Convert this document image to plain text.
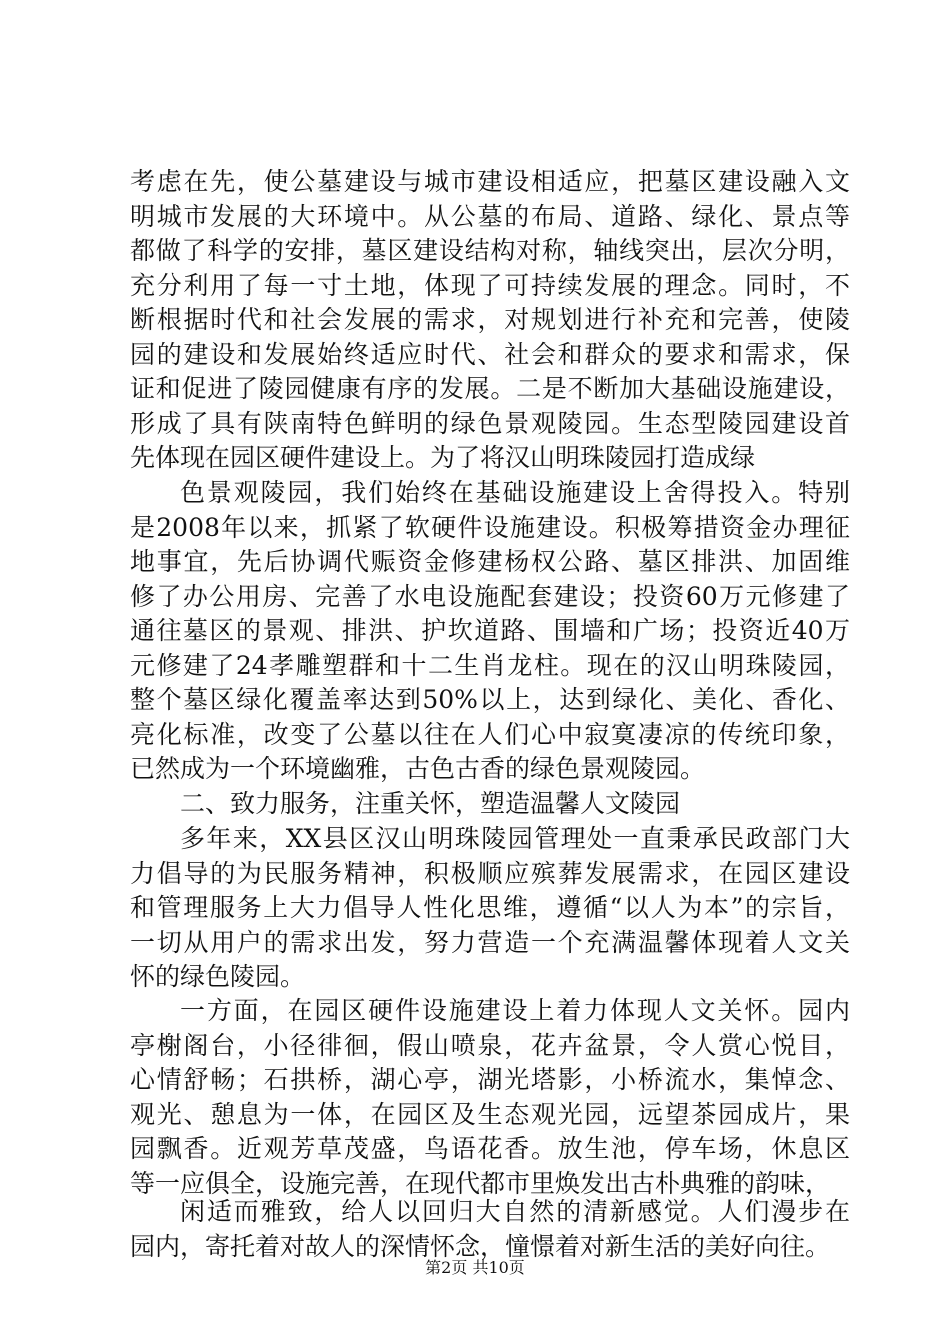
考虑在先，使公墓建设与城市建设相适应，把墓区建设融入文
明城市发展的大环境中。从公墓的布局、道路、绿化、景点等
都做了科学的安排，墓区建设结构对称，轴线突出，层次分明，
充分利用了每一寸土地，体现了可持续发展的理念。同时，不
断根据时代和社会发展的需求，对规划进行补充和完善，使陵
园的建设和发展始终适应时代、社会和群众的要求和需求，保
证和促进了陵园健康有序的发展。二是不断加大基础设施建设，
形成了具有陕南特色鲜明的绿色景观陵园。生态型陵园建设首
先体现在园区硬件建设上。为了将汉山明珠陵园打造成绿
色景观陵园，我们始终在基础设施建设上舍得投入。特别
是2008年以来，抓紧了软硬件设施建设。积极筹措资金办理征
地事宜，先后协调代赈资金修建杨权公路、墓区排洪、加固维
修了办公用房、完善了水电设施配套建设；投资60万元修建了
通往墓区的景观、排洪、护坎道路、围墙和广场；投资近40万
元修建了24孝雕塑群和十二生肖龙柱。现在的汉山明珠陵园，
整个墓区绿化覆盖率达到50%以上，达到绿化、美化、香化、
亮化标准，改变了公墓以往在人们心中寂寞凄凉的传统印象，
已然成为一个环境幽雅，古色古香的绿色景观陵园。
二、致力服务，注重关怀，塑造温馨人文陵园
多年来，XX县区汉山明珠陵园管理处一直秉承民政部门大
力倡导的为民服务精神，积极顺应殡葬发展需求，在园区建设
和管理服务上大力倡导人性化思维，遵循“以人为本”的宗旨，
一切从用户的需求出发，努力营造一个充满温馨体现着人文关
怀的绿色陵园。
一方面，在园区硬件设施建设上着力体现人文关怀。园内
亭榭阁台，小径徘徊，假山喷泉，花卉盆景，令人赏心悦目，
心情舒畅；石拱桥，湖心亭，湖光塔影，小桥流水，集悼念、
观光、憩息为一体，在园区及生态观光园，远望茶园成片，果
园飘香。近观芳草茂盛，鸟语花香。放生池，停车场，休息区
等一应俱全，设施完善，在现代都市里焕发出古朴典雅的韵味，
闲适而雅致，给人以回归大自然的清新感觉。人们漫步在
园内，寄托着对故人的深情怀念，憧憬着对新生活的美好向往。
第2页 共10页
